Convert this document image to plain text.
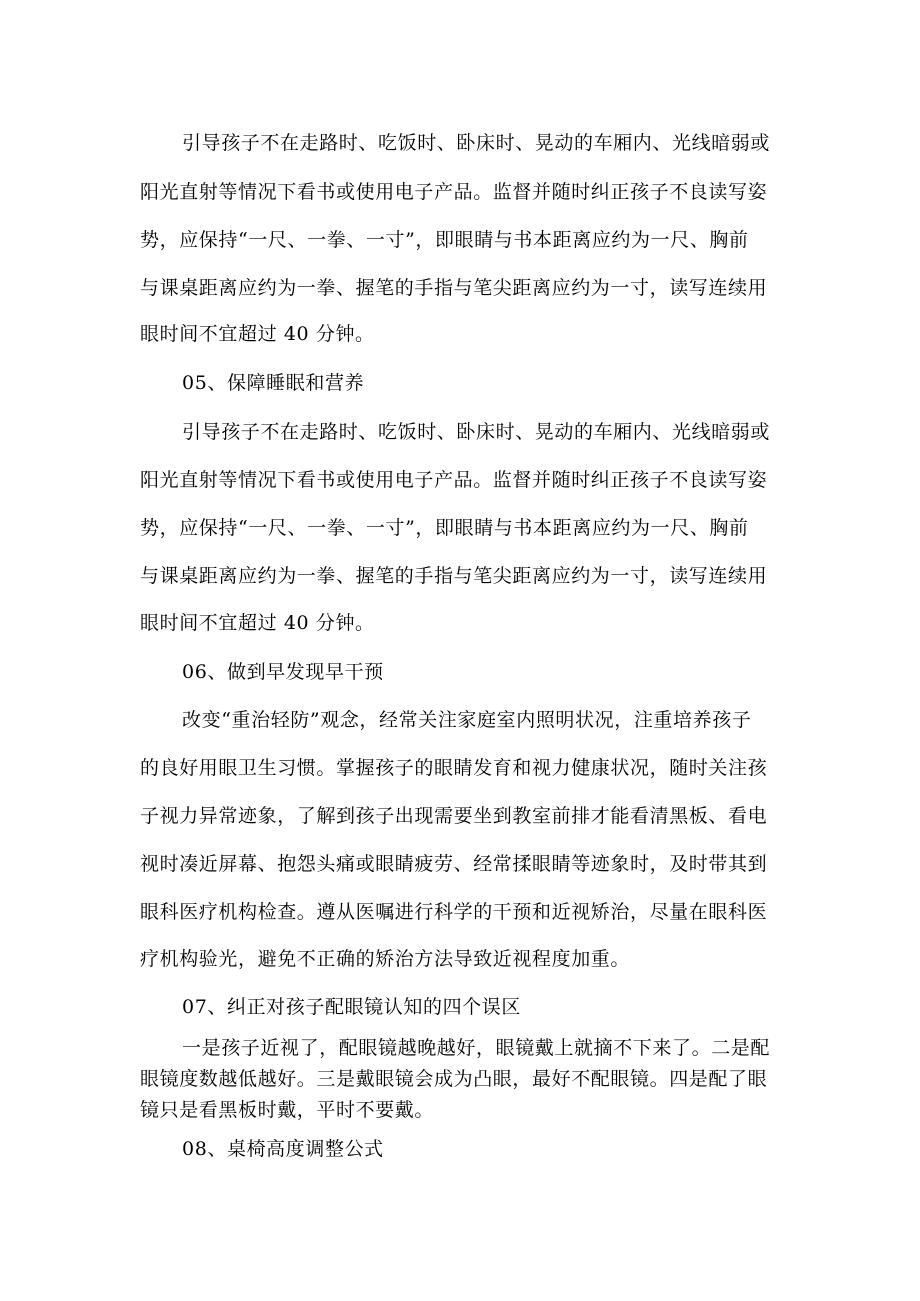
引导孩子不在走路时、吃饭时、卧床时、晃动的车厢内、光线暗弱或
阳光直射等情况下看书或使用电子产品。监督并随时纠正孩子不良读写姿
势，应保持“一尺、一拳、一寸”，即眼睛与书本距离应约为一尺、胸前
与课桌距离应约为一拳、握笔的手指与笔尖距离应约为一寸，读写连续用
眼时间不宜超过 40 分钟。
05、保障睡眠和营养
引导孩子不在走路时、吃饭时、卧床时、晃动的车厢内、光线暗弱或
阳光直射等情况下看书或使用电子产品。监督并随时纠正孩子不良读写姿
势，应保持“一尺、一拳、一寸”，即眼睛与书本距离应约为一尺、胸前
与课桌距离应约为一拳、握笔的手指与笔尖距离应约为一寸，读写连续用
眼时间不宜超过 40 分钟。
06、做到早发现早干预
改变“重治轻防”观念，经常关注家庭室内照明状况，注重培养孩子
的良好用眼卫生习惯。掌握孩子的眼睛发育和视力健康状况，随时关注孩
子视力异常迹象，了解到孩子出现需要坐到教室前排才能看清黑板、看电
视时凑近屏幕、抱怨头痛或眼睛疲劳、经常揉眼睛等迹象时，及时带其到
眼科医疗机构检查。遵从医嘱进行科学的干预和近视矫治，尽量在眼科医
疗机构验光，避免不正确的矫治方法导致近视程度加重。
07、纠正对孩子配眼镜认知的四个误区
一是孩子近视了，配眼镜越晚越好，眼镜戴上就摘不下来了。二是配
眼镜度数越低越好。三是戴眼镜会成为凸眼，最好不配眼镜。四是配了眼
镜只是看黑板时戴，平时不要戴。
08、桌椅高度调整公式
